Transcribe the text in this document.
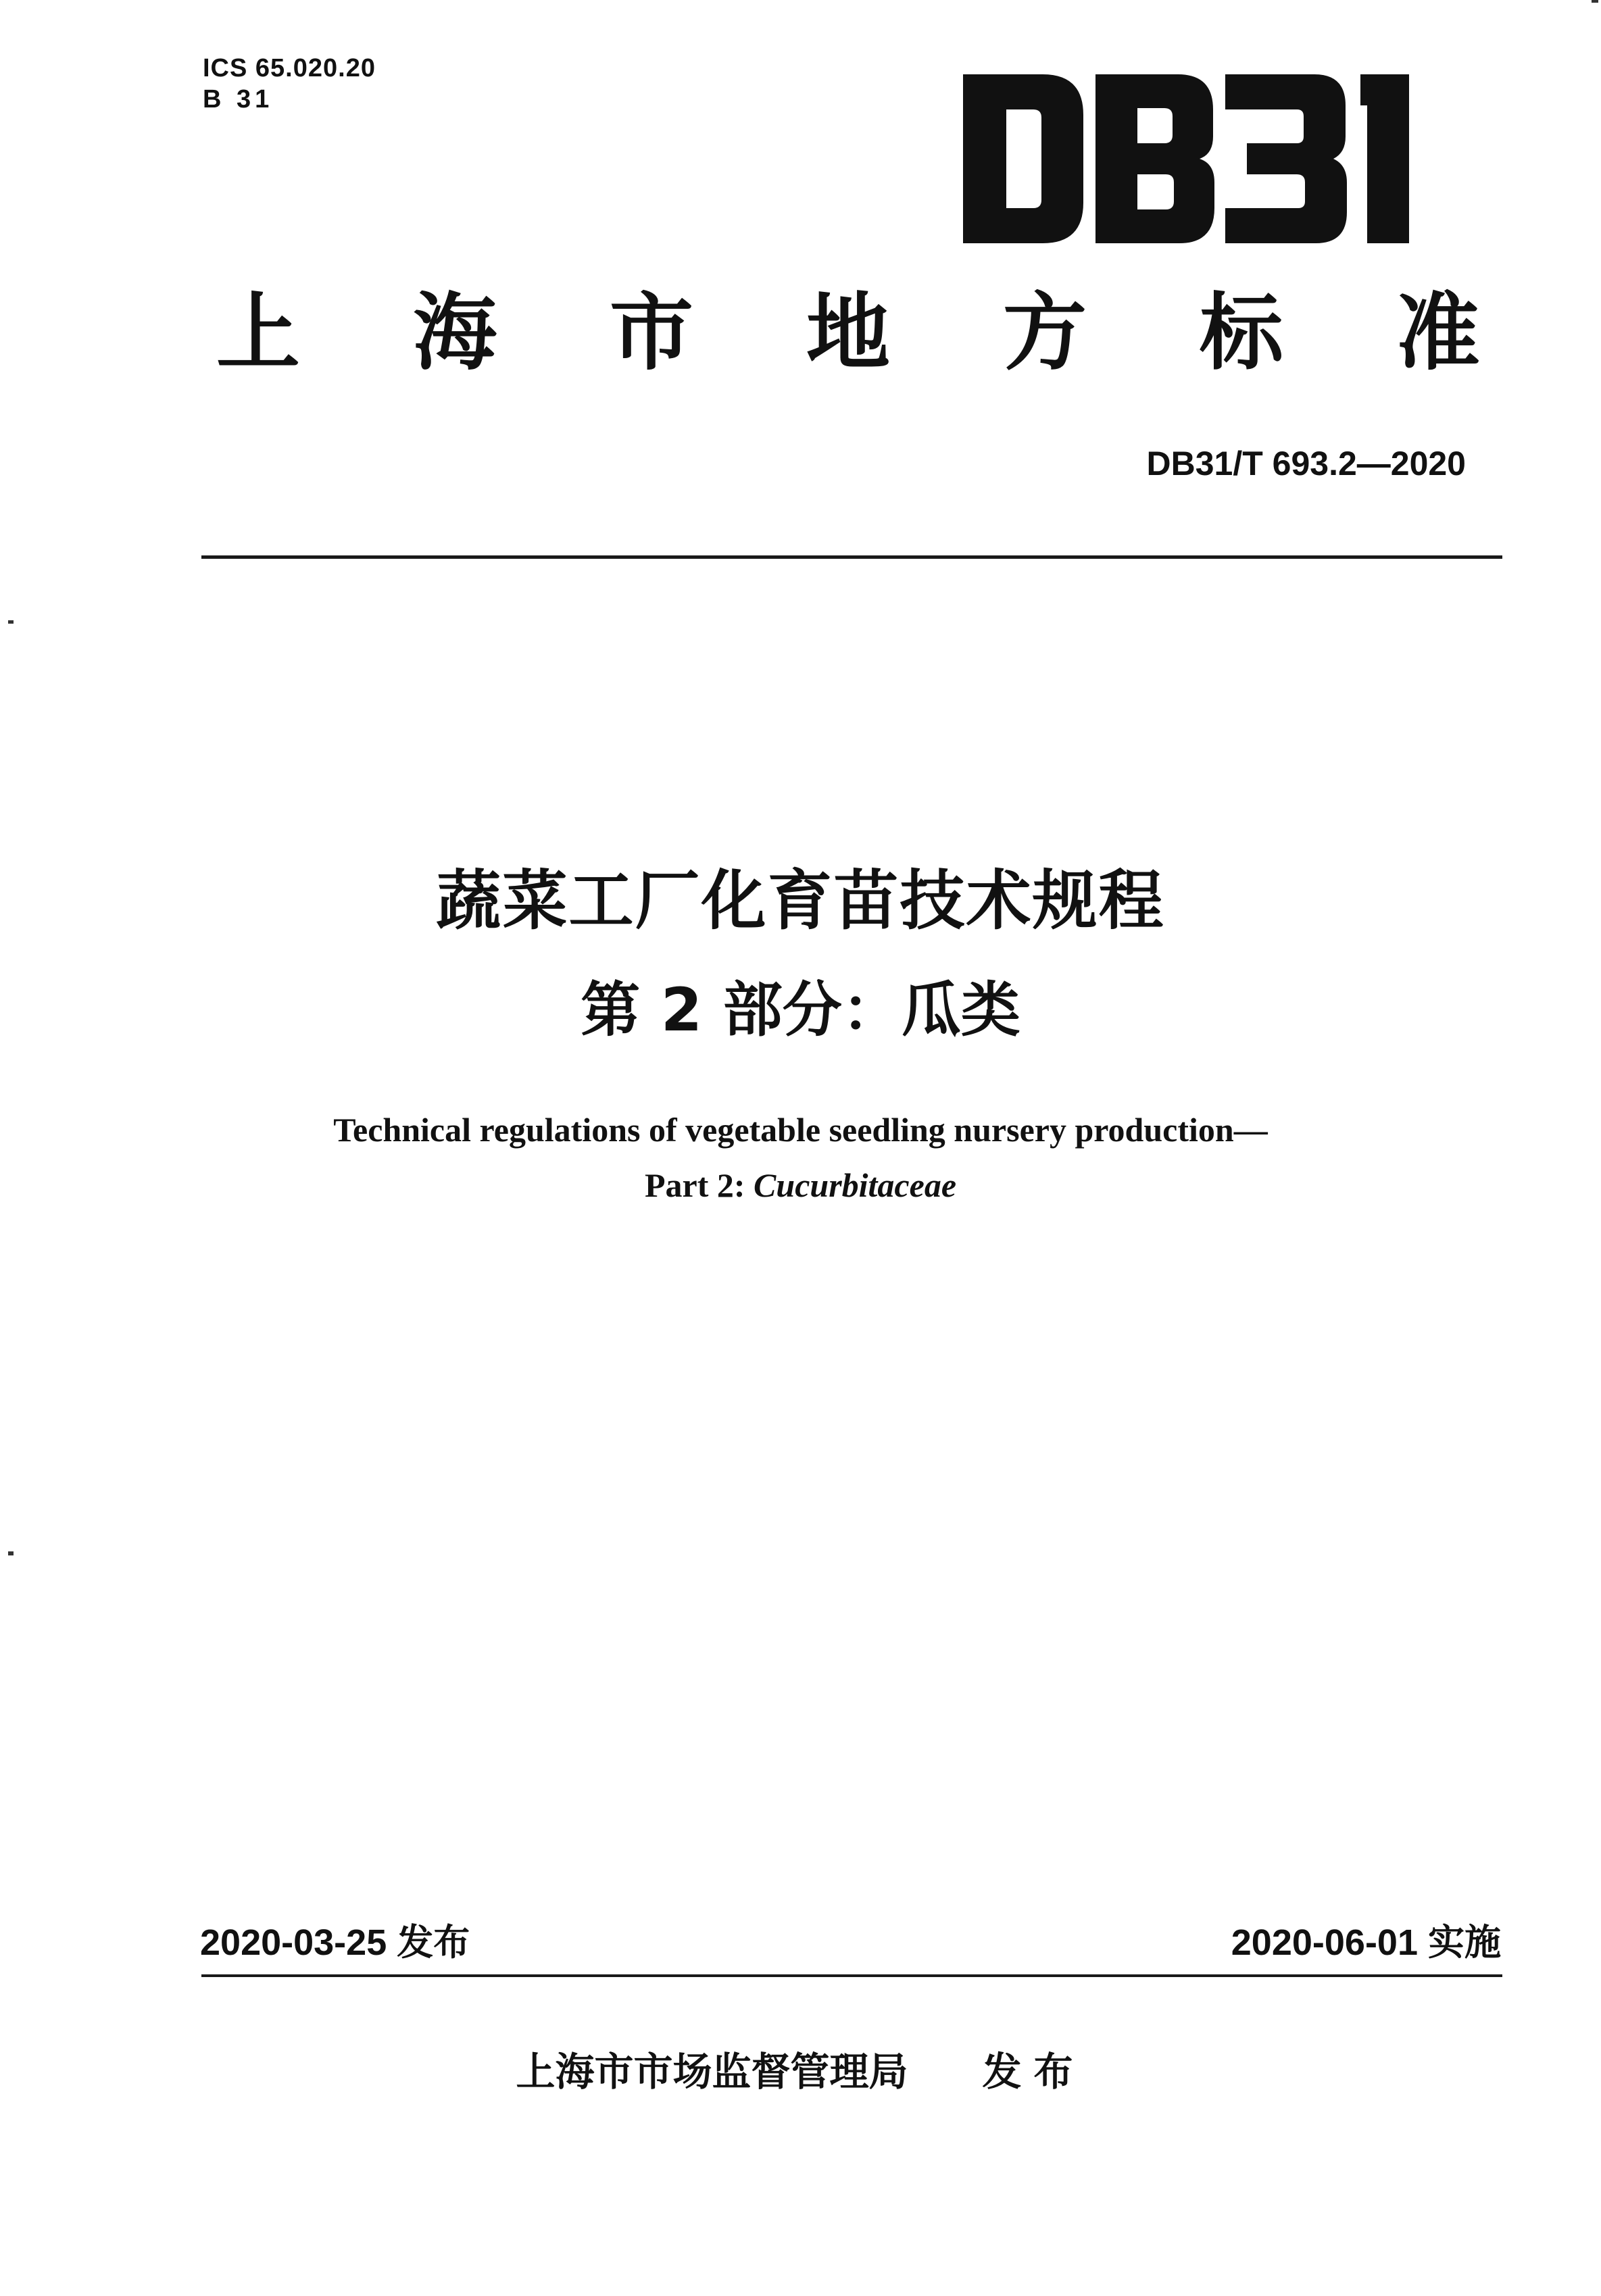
ICS 65.020.20
B 31
上 海 市 地 方 标 准
DB31/T 693.2—2020
蔬菜工厂化育苗技术规程
第 2 部分：瓜类
Technical regulations of vegetable seedling nursery production—
Part 2: Cucurbitaceae
2020-03-25 发布	2020-06-01 实施
上海市市场监督管理局 发布
